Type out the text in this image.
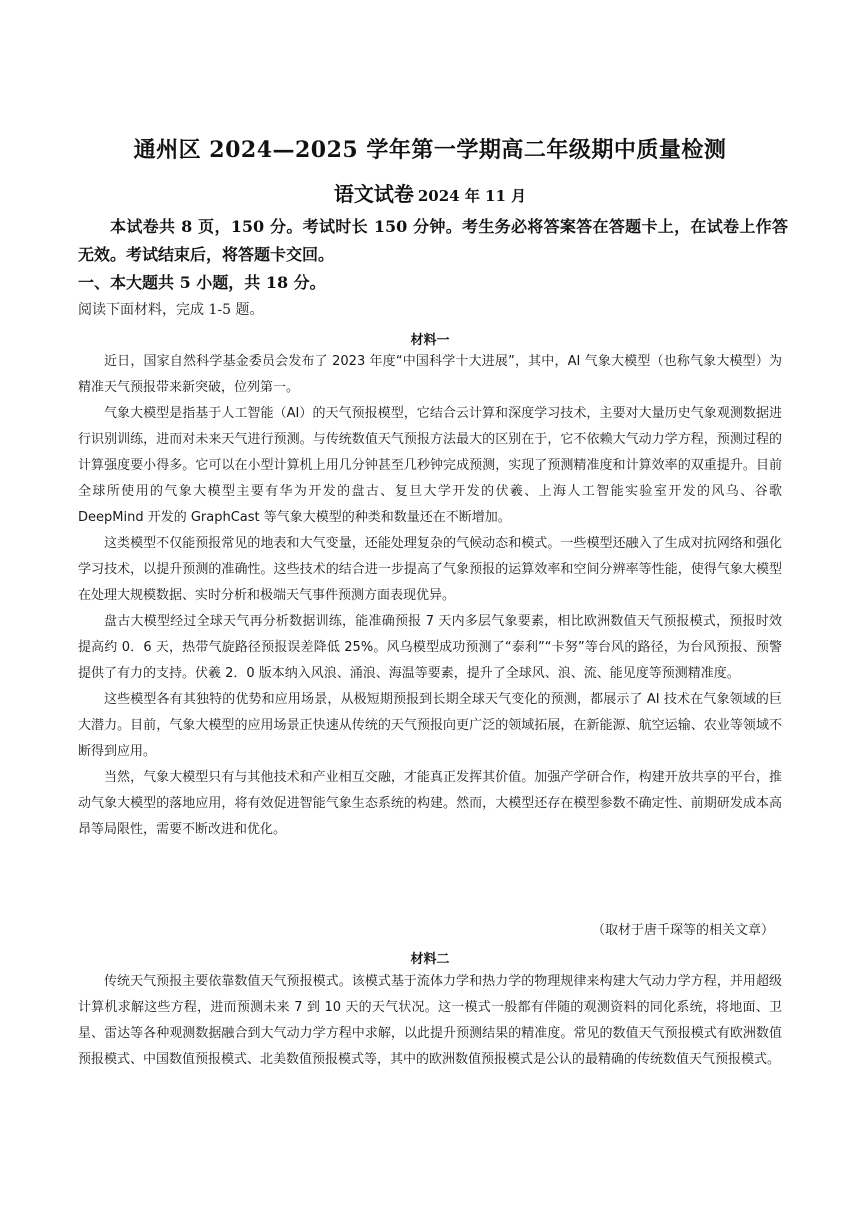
通州区 2024—2025 学年第一学期高二年级期中质量检测
语文试卷 2024 年 11 月
本试卷共 8 页，150 分。考试时长 150 分钟。考生务必将答案答在答题卡上，在试卷上作答无效。考试结束后，将答题卡交回。
一、本大题共 5 小题，共 18 分。
阅读下面材料，完成 1-5 题。
材料一

近日，国家自然科学基金委员会发布了 2023 年度“中国科学十大进展”，其中，AI 气象大模型（也称气象大模型）为精准天气预报带来新突破，位列第一。

气象大模型是指基于人工智能（AI）的天气预报模型，它结合云计算和深度学习技术，主要对大量历史气象观测数据进行识别训练，进而对未来天气进行预测。与传统数值天气预报方法最大的区别在于，它不依赖大气动力学方程，预测过程的计算强度要小得多。它可以在小型计算机上用几分钟甚至几秒钟完成预测，实现了预测精准度和计算效率的双重提升。目前全球所使用的气象大模型主要有华为开发的盘古、复旦大学开发的伏羲、上海人工智能实验室开发的风乌、谷歌 DeepMind 开发的 GraphCast 等气象大模型的种类和数量还在不断增加。

这类模型不仅能预报常见的地表和大气变量，还能处理复杂的气候动态和模式。一些模型还融入了生成对抗网络和强化学习技术，以提升预测的准确性。这些技术的结合进一步提高了气象预报的运算效率和空间分辨率等性能，使得气象大模型在处理大规模数据、实时分析和极端天气事件预测方面表现优异。

盘古大模型经过全球天气再分析数据训练，能准确预报 7 天内多层气象要素，相比欧洲数值天气预报模式，预报时效提高约 0．6 天，热带气旋路径预报误差降低 25%。风乌模型成功预测了“泰利”“卡努”等台风的路径，为台风预报、预警提供了有力的支持。伏羲 2．0 版本纳入风浪、涌浪、海温等要素，提升了全球风、浪、流、能见度等预测精准度。

这些模型各有其独特的优势和应用场景，从极短期预报到长期全球天气变化的预测，都展示了 AI 技术在气象领域的巨大潜力。目前，气象大模型的应用场景正快速从传统的天气预报向更广泛的领域拓展，在新能源、航空运输、农业等领域不断得到应用。

当然，气象大模型只有与其他技术和产业相互交融，才能真正发挥其价值。加强产学研合作，构建开放共享的平台，推动气象大模型的落地应用，将有效促进智能气象生态系统的构建。然而，大模型还存在模型参数不确定性、前期研发成本高昂等局限性，需要不断改进和优化。

（取材于唐千琛等的相关文章）
材料二

传统天气预报主要依靠数值天气预报模式。该模式基于流体力学和热力学的物理规律来构建大气动力学方程，并用超级计算机求解这些方程，进而预测未来 7 到 10 天的天气状况。这一模式一般都有伴随的观测资料的同化系统，将地面、卫星、雷达等各种观测数据融合到大气动力学方程中求解，以此提升预测结果的精准度。常见的数值天气预报模式有欧洲数值预报模式、中国数值预报模式、北美数值预报模式等，其中的欧洲数值预报模式是公认的最精确的传统数值天气预报模式。
